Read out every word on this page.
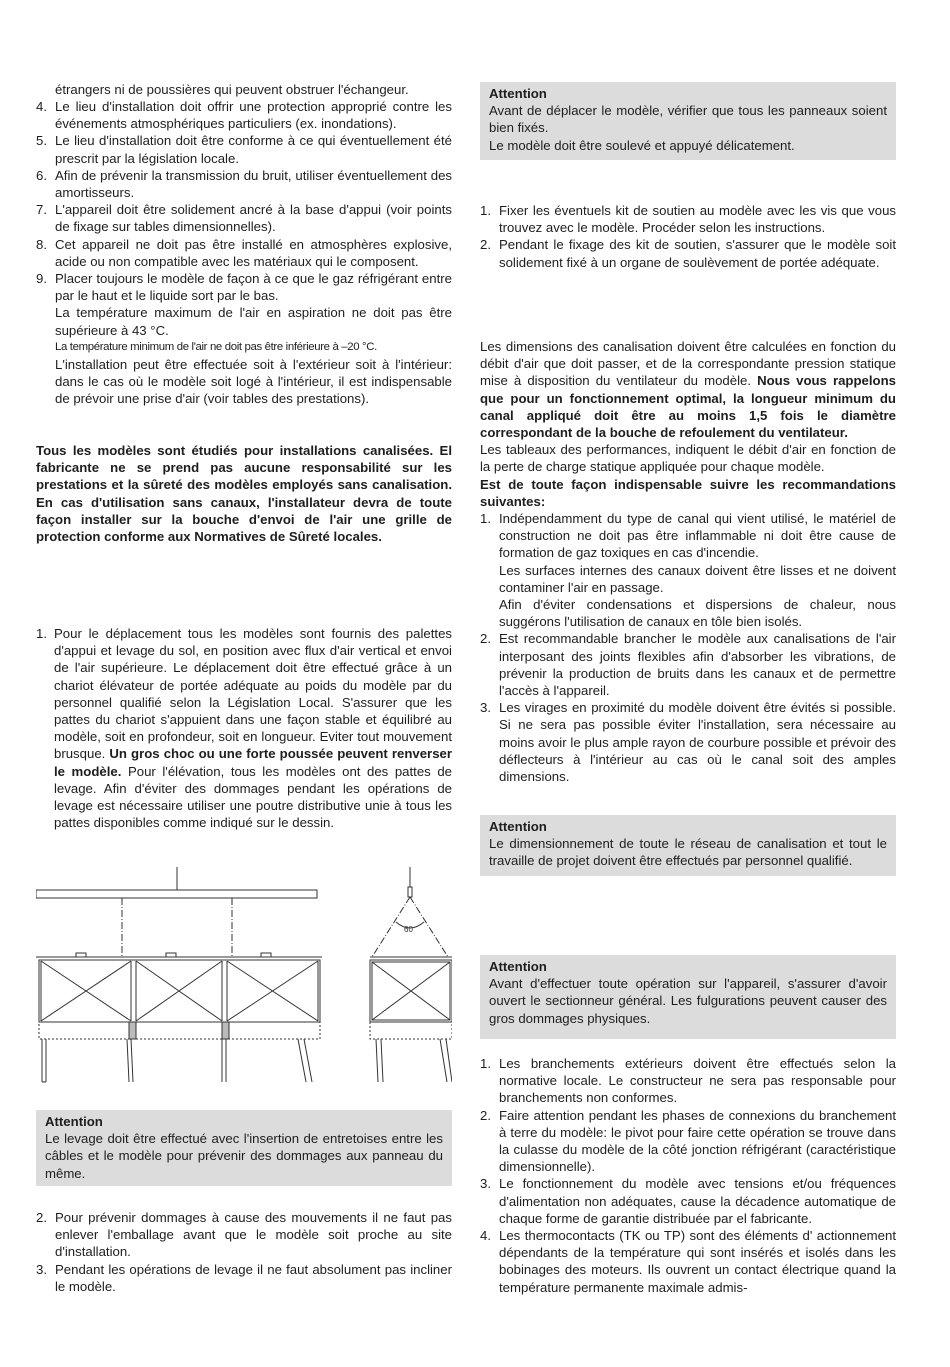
étrangers ni de poussières qui peuvent obstruer l'échangeur.

4. Le lieu d'installation doit offrir une protection approprié contre les événements atmosphériques particuliers (ex. inondations).
5. Le lieu d'installation doit être conforme à ce qui éventuellement été prescrit par la législation locale.
6. Afin de prévenir la transmission du bruit, utiliser éventuellement des amortisseurs.
7. L'appareil doit être solidement ancré à la base d'appui (voir points de fixage sur tables dimensionnelles).
8. Cet appareil ne doit pas être installé en atmosphères explosive, acide ou non compatible avec les matériaux qui le composent.
9. Placer toujours le modèle de façon à ce que le gaz réfrigérant entre par le haut et le liquide sort par le bas.

La température maximum de l'air en aspiration ne doit pas être supérieure à 43 °C.

La température minimum de l'air ne doit pas être inférieure à –20 °C.

L'installation peut être effectuée soit à l'extérieur soit à l'intérieur: dans le cas où le modèle soit logé à l'intérieur, il est indispensable de prévoir une prise d'air (voir tables des prestations).

Tous les modèles sont étudiés pour installations canalisées. El fabricante ne se prend pas aucune responsabilité sur les prestations et la sûreté des modèles employés sans canalisation. En cas d'utilisation sans canaux, l'installateur devra de toute façon installer sur la bouche d'envoi de l'air une grille de protection conforme aux Normatives de Sûreté locales.

1. Pour le déplacement tous les modèles sont fournis des palettes d'appui et levage du sol, en position avec flux d'air vertical et envoi de l'air supérieure. Le déplacement doit être effectué grâce à un chariot élévateur de portée adéquate au poids du modèle par du personnel qualifié selon la Législation Local. S'assurer que les pattes du chariot s'appuient dans une façon stable et équilibré au modèle, soit en profondeur, soit en longueur. Eviter tout mouvement brusque. Un gros choc ou une forte poussée peuvent renverser le modèle. Pour l'élévation, tous les modèles ont des pattes de levage. Afin d'éviter des dommages pendant les opérations de levage est nécessaire utiliser une poutre distributive unie à tous les pattes disponibles comme indiqué sur le dessin.
60
Attention

Le levage doit être effectué avec l'insertion de entretoises entre les câbles et le modèle pour prévenir des dommages aux panneau du même.

2. Pour prévenir dommages à cause des mouvements il ne faut pas enlever l'emballage avant que le modèle soit proche au site d'installation.
3. Pendant les opérations de levage il ne faut absolument pas incliner le modèle.
Attention

Avant de déplacer le modèle, vérifier que tous les panneaux soient bien fixés.

Le modèle doit être soulevé et appuyé délicatement.

1. Fixer les éventuels kit de soutien au modèle avec les vis que vous trouvez avec le modèle. Procéder selon les instructions.
2. Pendant le fixage des kit de soutien, s'assurer que le modèle soit solidement fixé à un organe de soulèvement de portée adéquate.

Les dimensions des canalisation doivent être calculées en fonction du débit d'air que doit passer, et de la correspondante pression statique mise à disposition du ventilateur du modèle. Nous vous rappelons que pour un fonctionnement optimal, la longueur minimum du canal appliqué doit être au moins 1,5 fois le diamètre correspondant de la bouche de refoulement du ventilateur.

Les tableaux des performances, indiquent le débit d'air en fonction de la perte de charge statique appliquée pour chaque modèle.

Est de toute façon indispensable suivre les recommandations suivantes:

1. Indépendamment du type de canal qui vient utilisé, le matériel de construction ne doit pas être inflammable ni doit être cause de formation de gaz toxiques en cas d'incendie.

Les surfaces internes des canaux doivent être lisses et ne doivent contaminer l'air en passage.

Afin d'éviter condensations et dispersions de chaleur, nous suggérons l'utilisation de canaux en tôle bien isolés.

2. Est recommandable brancher le modèle aux canalisations de l'air interposant des joints flexibles afin d'absorber les vibrations, de prévenir la production de bruits dans les canaux et de permettre l'accès à l'appareil.
3. Les virages en proximité du modèle doivent être évités si possible. Si ne sera pas possible éviter l'installation, sera nécessaire au moins avoir le plus ample rayon de courbure possible et prévoir des déflecteurs à l'intérieur au cas où le canal soit des amples dimensions.
Attention

Le dimensionnement de toute le réseau de canalisation et tout le travaille de projet doivent être effectués par personnel qualifié.

Attention

Avant d'effectuer toute opération sur l'appareil, s'assurer d'avoir ouvert le sectionneur général. Les fulgurations peuvent causer des gros dommages physiques.

1. Les branchements extérieurs doivent être effectués selon la normative locale. Le constructeur ne sera pas responsable pour branchements non conformes.
2. Faire attention pendant les phases de connexions du branchement à terre du modèle: le pivot pour faire cette opération se trouve dans la culasse du modèle de la côté jonction réfrigérant (caractéristique dimensionnelle).
3. Le fonctionnement du modèle avec tensions et/ou fréquences d'alimentation non adéquates, cause la décadence automatique de chaque forme de garantie distribuée par el fabricante.
4. Les thermocontacts (TK ou TP) sont des éléments d' actionnement dépendants de la température qui sont insérés et isolés dans les bobinages des moteurs. Ils ouvrent un contact électrique quand la température permanente maximale admis-
